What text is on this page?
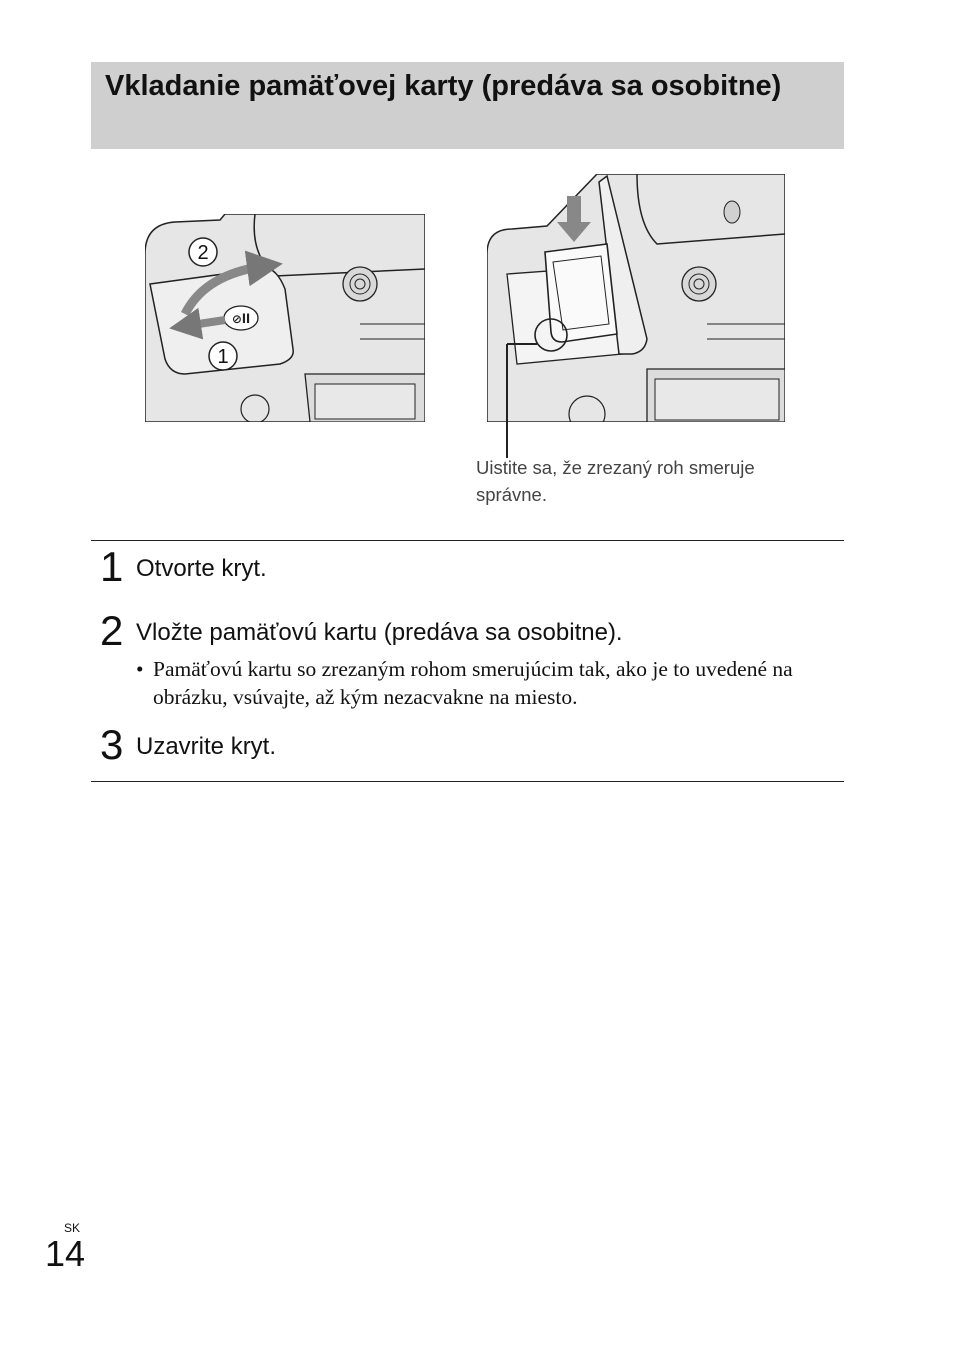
Vkladanie pamäťovej karty (predáva sa osobitne)
⊘ll
2
1
Uistite sa, že zrezaný roh smeruje správne.
1 Otvorte kryt.
2 Vložte pamäťovú kartu (predáva sa osobitne).
• Pamäťovú kartu so zrezaným rohom smerujúcim tak, ako je to uvedené na obrázku, vsúvajte, až kým nezacvakne na miesto.
3 Uzavrite kryt.
SK
14
